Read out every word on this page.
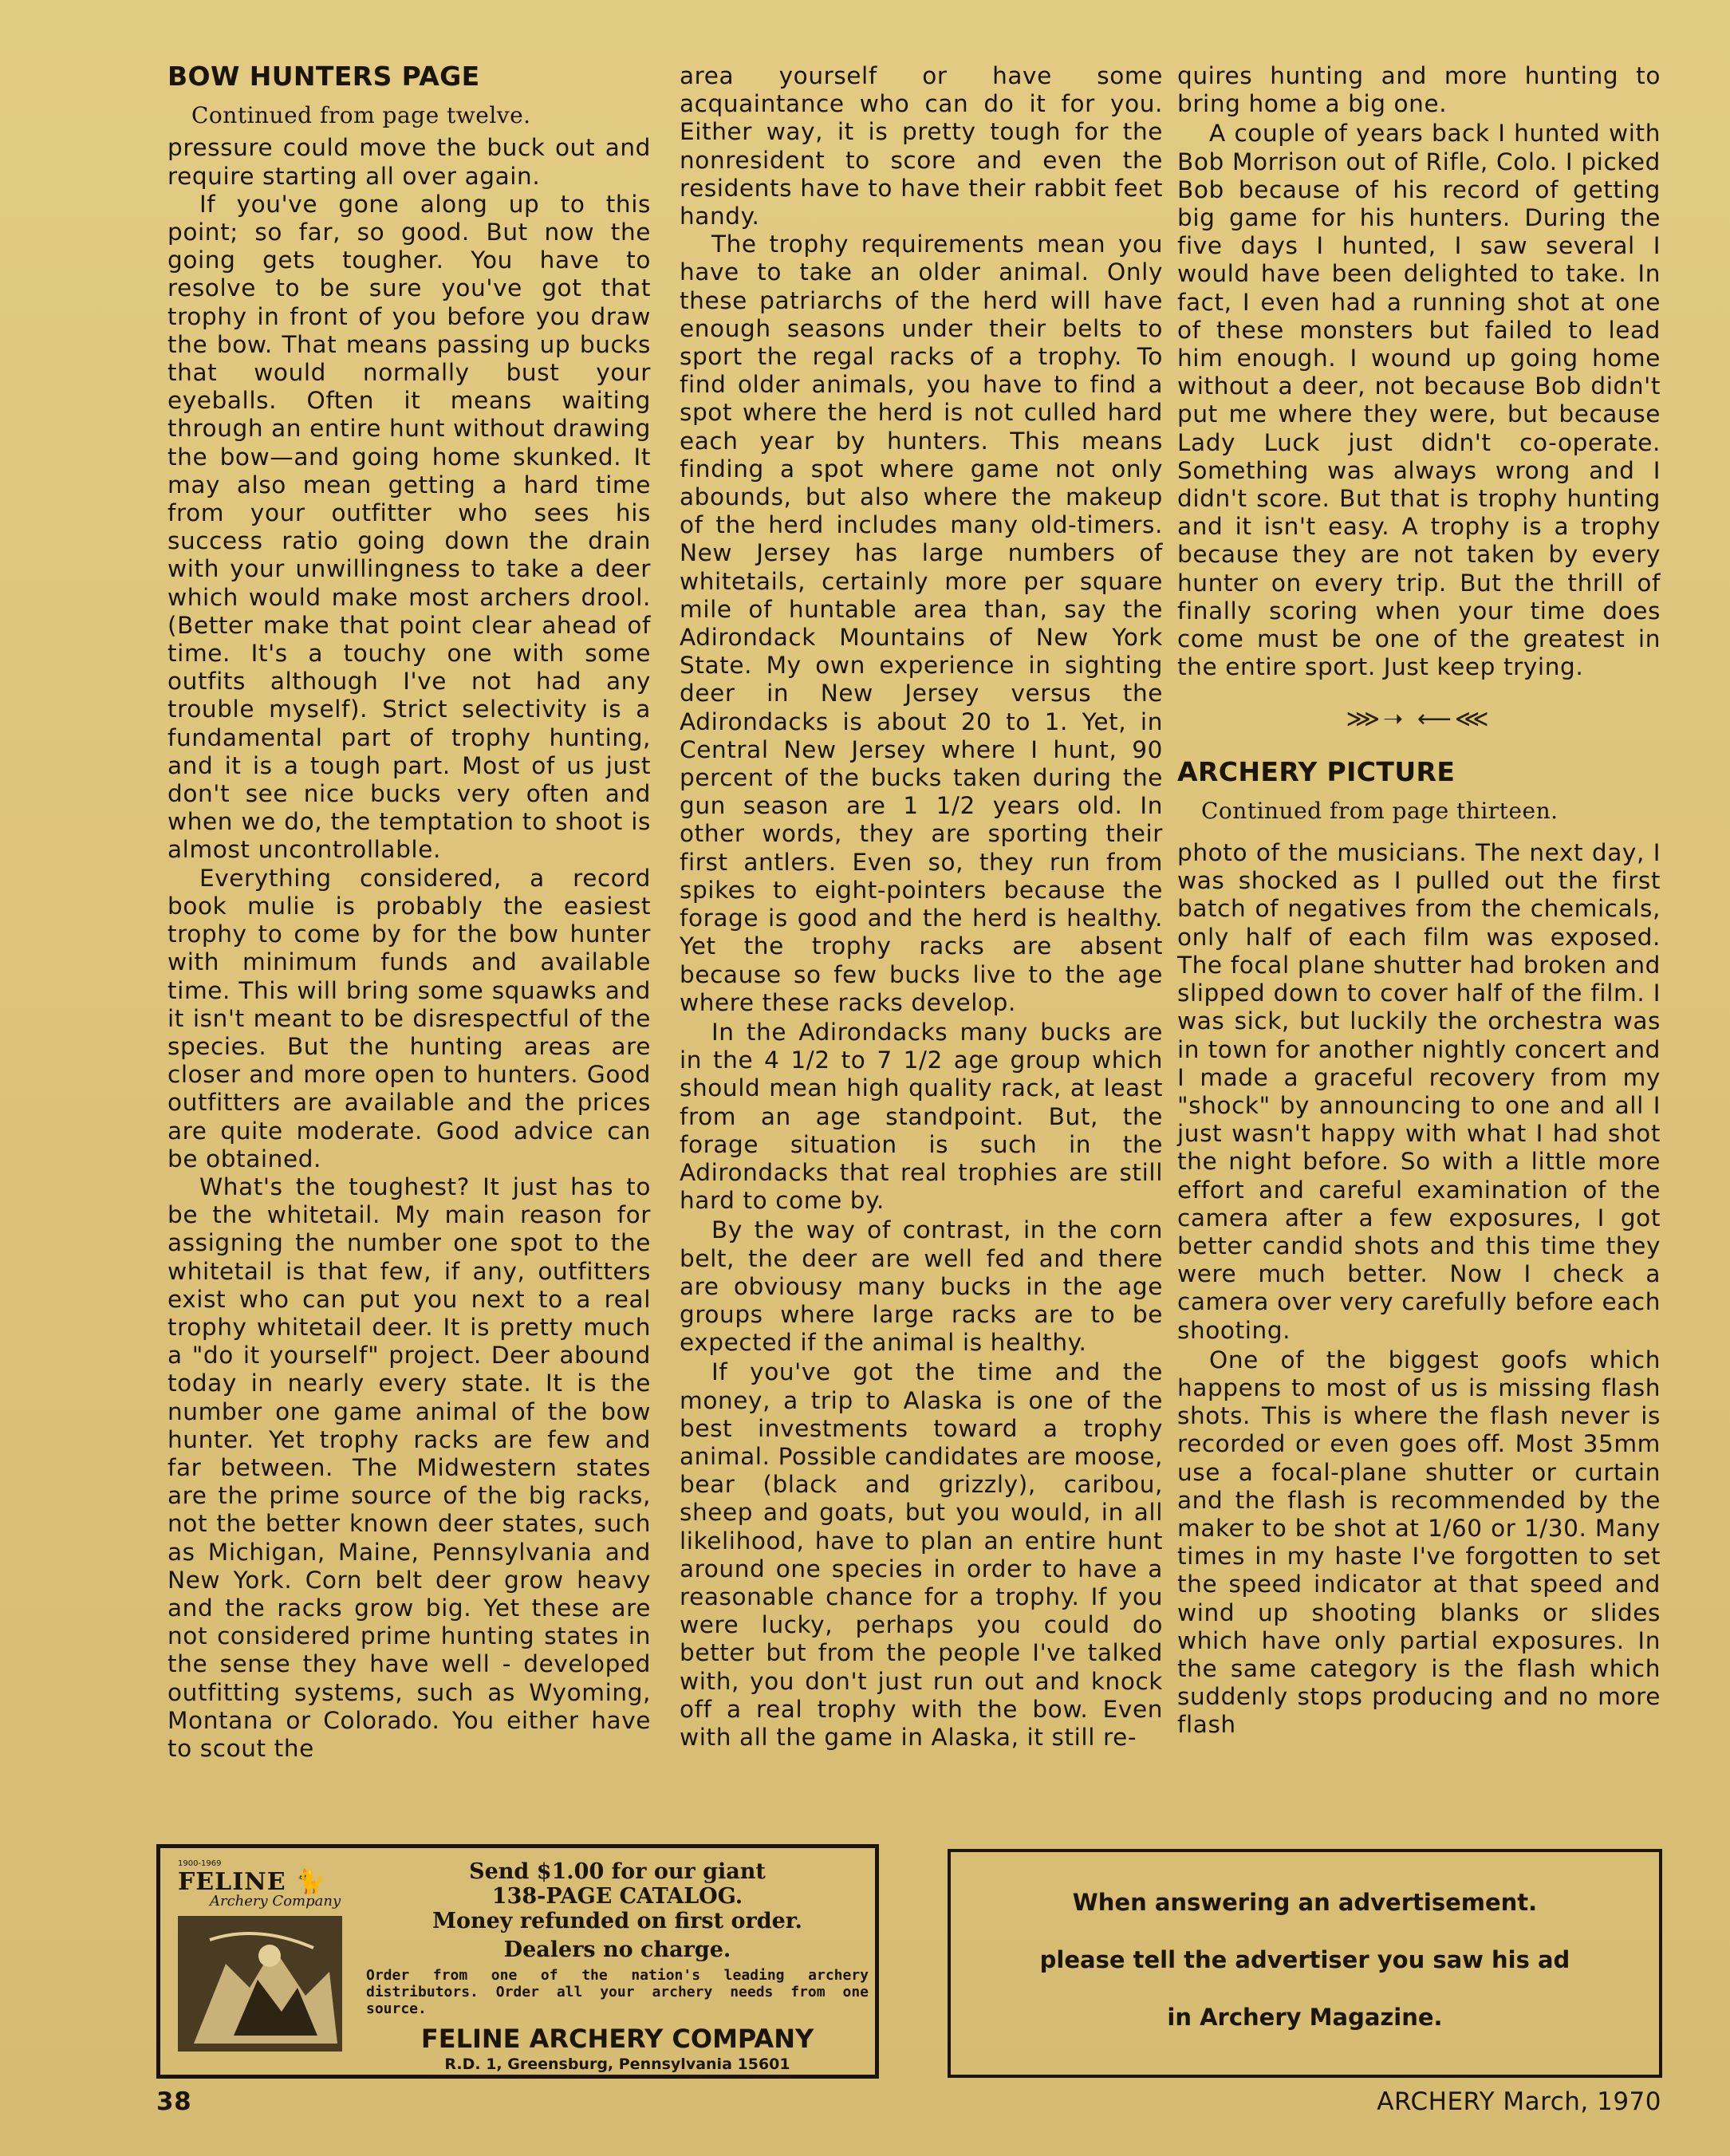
BOW HUNTERS PAGE
Continued from page twelve.

pressure could move the buck out and require starting all over again.

If you've gone along up to this point; so far, so good. But now the going gets tougher. You have to resolve to be sure you've got that trophy in front of you before you draw the bow. That means passing up bucks that would normally bust your eyeballs. Often it means waiting through an entire hunt without drawing the bow—and going home skunked. It may also mean getting a hard time from your outfitter who sees his success ratio going down the drain with your unwillingness to take a deer which would make most archers drool. (Better make that point clear ahead of time. It's a touchy one with some outfits although I've not had any trouble myself). Strict selectivity is a fundamental part of trophy hunting, and it is a tough part. Most of us just don't see nice bucks very often and when we do, the temptation to shoot is almost uncontrollable.

Everything considered, a record book mulie is probably the easiest trophy to come by for the bow hunter with minimum funds and available time. This will bring some squawks and it isn't meant to be disrespectful of the species. But the hunting areas are closer and more open to hunters. Good outfitters are available and the prices are quite moderate. Good advice can be obtained.

What's the toughest? It just has to be the whitetail. My main reason for assigning the number one spot to the whitetail is that few, if any, outfitters exist who can put you next to a real trophy whitetail deer. It is pretty much a "do it yourself" project. Deer abound today in nearly every state. It is the number one game animal of the bow hunter. Yet trophy racks are few and far between. The Midwestern states are the prime source of the big racks, not the better known deer states, such as Michigan, Maine, Pennsylvania and New York. Corn belt deer grow heavy and the racks grow big. Yet these are not considered prime hunting states in the sense they have well - developed outfitting systems, such as Wyoming, Montana or Colorado. You either have to scout the

area yourself or have some acquaintance who can do it for you. Either way, it is pretty tough for the nonresident to score and even the residents have to have their rabbit feet handy.

The trophy requirements mean you have to take an older animal. Only these patriarchs of the herd will have enough seasons under their belts to sport the regal racks of a trophy. To find older animals, you have to find a spot where the herd is not culled hard each year by hunters. This means finding a spot where game not only abounds, but also where the makeup of the herd includes many old-timers. New Jersey has large numbers of whitetails, certainly more per square mile of huntable area than, say the Adirondack Mountains of New York State. My own experience in sighting deer in New Jersey versus the Adirondacks is about 20 to 1. Yet, in Central New Jersey where I hunt, 90 percent of the bucks taken during the gun season are 1 1/2 years old. In other words, they are sporting their first antlers. Even so, they run from spikes to eight-pointers because the forage is good and the herd is healthy. Yet the trophy racks are absent because so few bucks live to the age where these racks develop.

In the Adirondacks many bucks are in the 4 1/2 to 7 1/2 age group which should mean high quality rack, at least from an age standpoint. But, the forage situation is such in the Adirondacks that real trophies are still hard to come by.

By the way of contrast, in the corn belt, the deer are well fed and there are obviousy many bucks in the age groups where large racks are to be expected if the animal is healthy.

If you've got the time and the money, a trip to Alaska is one of the best investments toward a trophy animal. Possible candidates are moose, bear (black and grizzly), caribou, sheep and goats, but you would, in all likelihood, have to plan an entire hunt around one species in order to have a reasonable chance for a trophy. If you were lucky, perhaps you could do better but from the people I've talked with, you don't just run out and knock off a real trophy with the bow. Even with all the game in Alaska, it still re-

quires hunting and more hunting to bring home a big one.

A couple of years back I hunted with Bob Morrison out of Rifle, Colo. I picked Bob because of his record of getting big game for his hunters. During the five days I hunted, I saw several I would have been delighted to take. In fact, I even had a running shot at one of these monsters but failed to lead him enough. I wound up going home without a deer, not because Bob didn't put me where they were, but because Lady Luck just didn't co-operate. Something was always wrong and I didn't score. But that is trophy hunting and it isn't easy. A trophy is a trophy because they are not taken by every hunter on every trip. But the thrill of finally scoring when your time does come must be one of the greatest in the entire sport. Just keep trying.

⋙➝ ⟵⋘
ARCHERY PICTURE
Continued from page thirteen.

photo of the musicians. The next day, I was shocked as I pulled out the first batch of negatives from the chemicals, only half of each film was exposed. The focal plane shutter had broken and slipped down to cover half of the film. I was sick, but luckily the orchestra was in town for another nightly concert and I made a graceful recovery from my "shock" by announcing to one and all I just wasn't happy with what I had shot the night before. So with a little more effort and careful examination of the camera after a few exposures, I got better candid shots and this time they were much better. Now I check a camera over very carefully before each shooting.

One of the biggest goofs which happens to most of us is missing flash shots. This is where the flash never is recorded or even goes off. Most 35mm use a focal-plane shutter or curtain and the flash is recommended by the maker to be shot at 1/60 or 1/30. Many times in my haste I've forgotten to set the speed indicator at that speed and wind up shooting blanks or slides which have only partial exposures. In the same category is the flash which suddenly stops producing and no more flash

1900-1969
FELINE 🐈
Archery Company
Send $1.00 for our giant
138-PAGE CATALOG.
Money refunded on first order.
Dealers no charge.
Order from one of the nation's leading archery distributors. Order all your archery needs from one source.
FELINE ARCHERY COMPANY
R.D. 1, Greensburg, Pennsylvania 15601
When answering an advertisement.
please tell the advertiser you saw his ad
in Archery Magazine.
38	ARCHERY March, 1970
